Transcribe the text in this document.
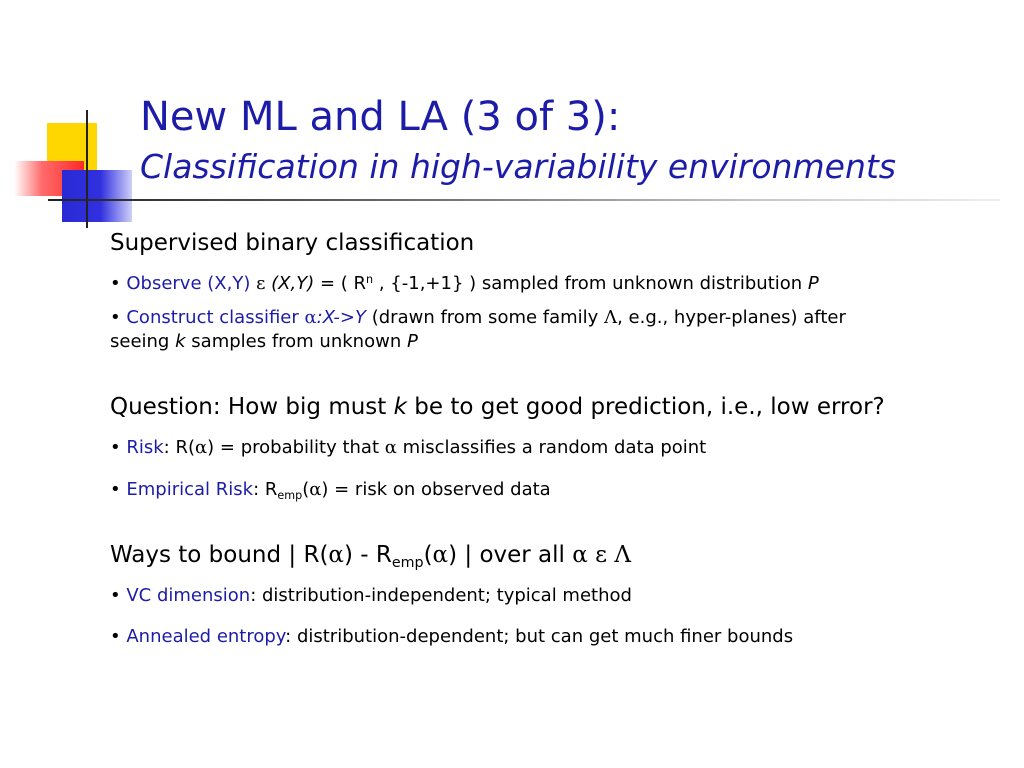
New ML and LA (3 of 3):
Classification in high-variability environments

Supervised binary classification

• Observe (X,Y) ε (X,Y) = ( $R^n$ , {-1,+1} ) sampled from unknown distribution P

• Construct classifier α:X->Y (drawn from some family Λ, e.g., hyper-planes) after
seeing k samples from unknown P

Question: How big must k be to get good prediction, i.e., low error?

• Risk: R(α) = probability that α misclassifies a random data point

• Empirical Risk: $R_{emp}(\alpha)$ = risk on observed data

Ways to bound | $R(\alpha) - R_{emp}(\alpha)$ | over all α ε Λ

• VC dimension: distribution-independent; typical method

• Annealed entropy: distribution-dependent; but can get much finer bounds
